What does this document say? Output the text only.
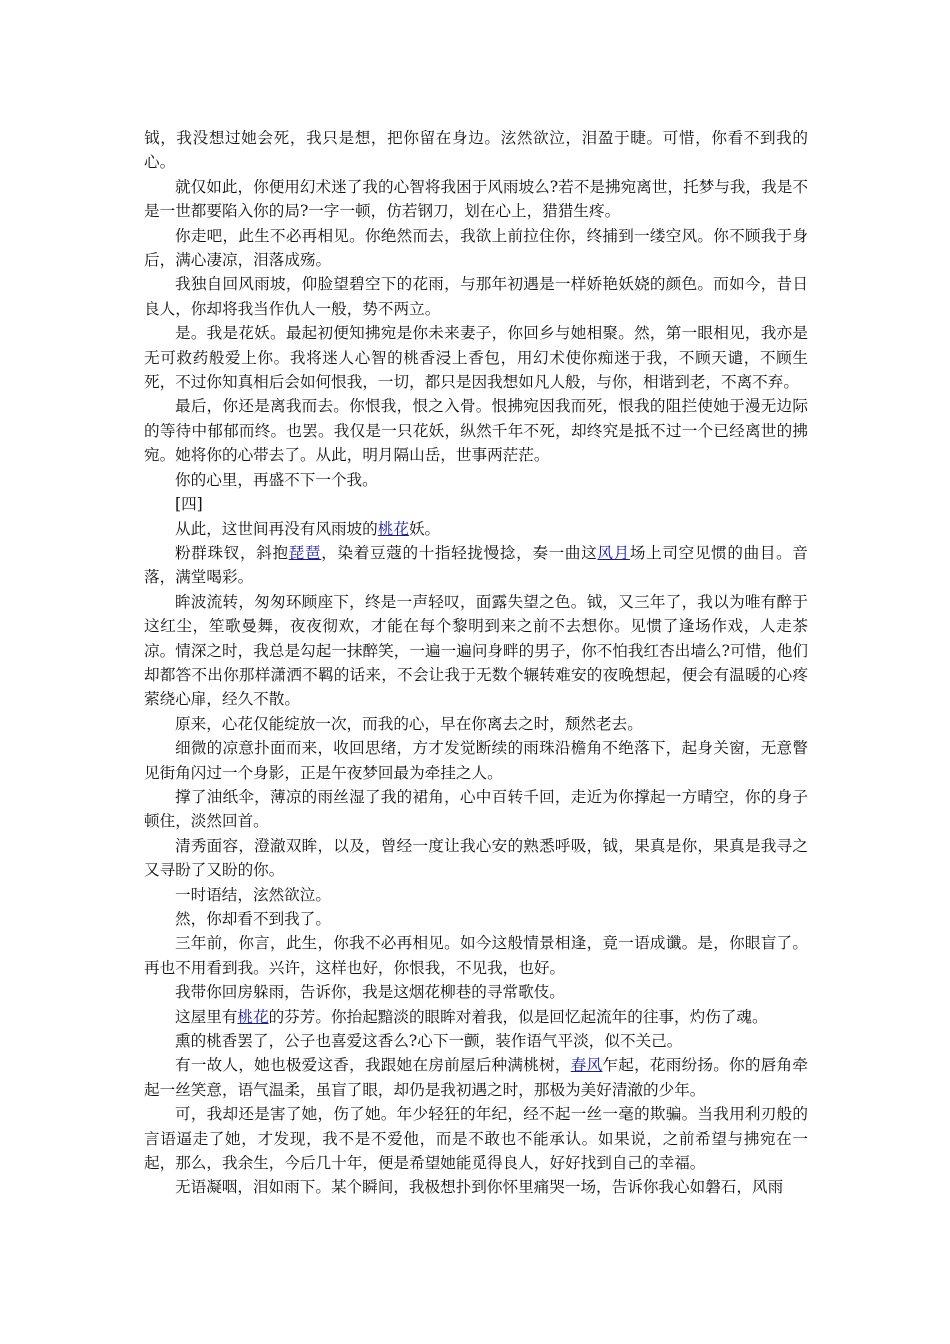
钺，我没想过她会死，我只是想，把你留在身边。泫然欲泣，泪盈于睫。可惜，你看不到我的心。

就仅如此，你便用幻术迷了我的心智将我困于风雨坡么?若不是拂宛离世，托梦与我，我是不是一世都要陷入你的局?一字一顿，仿若钢刀，划在心上，猎猎生疼。

你走吧，此生不必再相见。你绝然而去，我欲上前拉住你，终捕到一缕空风。你不顾我于身后，满心凄凉，泪落成殇。

我独自回风雨坡，仰脸望碧空下的花雨，与那年初遇是一样娇艳妖娆的颜色。而如今，昔日良人，你却将我当作仇人一般，势不两立。

是。我是花妖。最起初便知拂宛是你未来妻子，你回乡与她相聚。然，第一眼相见，我亦是无可救药般爱上你。我将迷人心智的桃香浸上香包，用幻术使你痴迷于我，不顾天谴，不顾生死，不过你知真相后会如何恨我，一切，都只是因我想如凡人般，与你，相谐到老，不离不弃。

最后，你还是离我而去。你恨我，恨之入骨。恨拂宛因我而死，恨我的阻拦使她于漫无边际的等待中郁郁而终。也罢。我仅是一只花妖，纵然千年不死，却终究是抵不过一个已经离世的拂宛。她将你的心带去了。从此，明月隔山岳，世事两茫茫。

你的心里，再盛不下一个我。

[四]

从此，这世间再没有风雨坡的桃花妖。

粉群珠钗，斜抱琵琶，染着豆蔻的十指轻拢慢捻，奏一曲这风月场上司空见惯的曲目。音落，满堂喝彩。

眸波流转，匆匆环顾座下，终是一声轻叹，面露失望之色。钺，又三年了，我以为唯有醉于这红尘，笙歌曼舞，夜夜彻欢，才能在每个黎明到来之前不去想你。见惯了逢场作戏，人走茶凉。情深之时，我总是勾起一抹醉笑，一遍一遍问身畔的男子，你不怕我红杏出墙么?可惜，他们却都答不出你那样潇洒不羁的话来，不会让我于无数个辗转难安的夜晚想起，便会有温暖的心疼萦绕心扉，经久不散。

原来，心花仅能绽放一次，而我的心，早在你离去之时，颓然老去。

细微的凉意扑面而来，收回思绪，方才发觉断续的雨珠沿檐角不绝落下，起身关窗，无意瞥见街角闪过一个身影，正是午夜梦回最为牵挂之人。

撑了油纸伞，薄凉的雨丝湿了我的裙角，心中百转千回，走近为你撑起一方晴空，你的身子顿住，淡然回首。

清秀面容，澄澈双眸，以及，曾经一度让我心安的熟悉呼吸，钺，果真是你，果真是我寻之又寻盼了又盼的你。

一时语结，泫然欲泣。

然，你却看不到我了。

三年前，你言，此生，你我不必再相见。如今这般情景相逢，竟一语成谶。是，你眼盲了。再也不用看到我。兴许，这样也好，你恨我，不见我，也好。

我带你回房躲雨，告诉你，我是这烟花柳巷的寻常歌伎。

这屋里有桃花的芬芳。你抬起黯淡的眼眸对着我，似是回忆起流年的往事，灼伤了魂。

熏的桃香罢了，公子也喜爱这香么?心下一颤，装作语气平淡，似不关己。

有一故人，她也极爱这香，我跟她在房前屋后种满桃树，春风乍起，花雨纷扬。你的唇角牵起一丝笑意，语气温柔，虽盲了眼，却仍是我初遇之时，那极为美好清澈的少年。

可，我却还是害了她，伤了她。年少轻狂的年纪，经不起一丝一毫的欺骗。当我用利刃般的言语逼走了她，才发现，我不是不爱他，而是不敢也不能承认。如果说，之前希望与拂宛在一起，那么，我余生，今后几十年，便是希望她能觅得良人，好好找到自己的幸福。

无语凝咽，泪如雨下。某个瞬间，我极想扑到你怀里痛哭一场，告诉你我心如磐石，风雨
